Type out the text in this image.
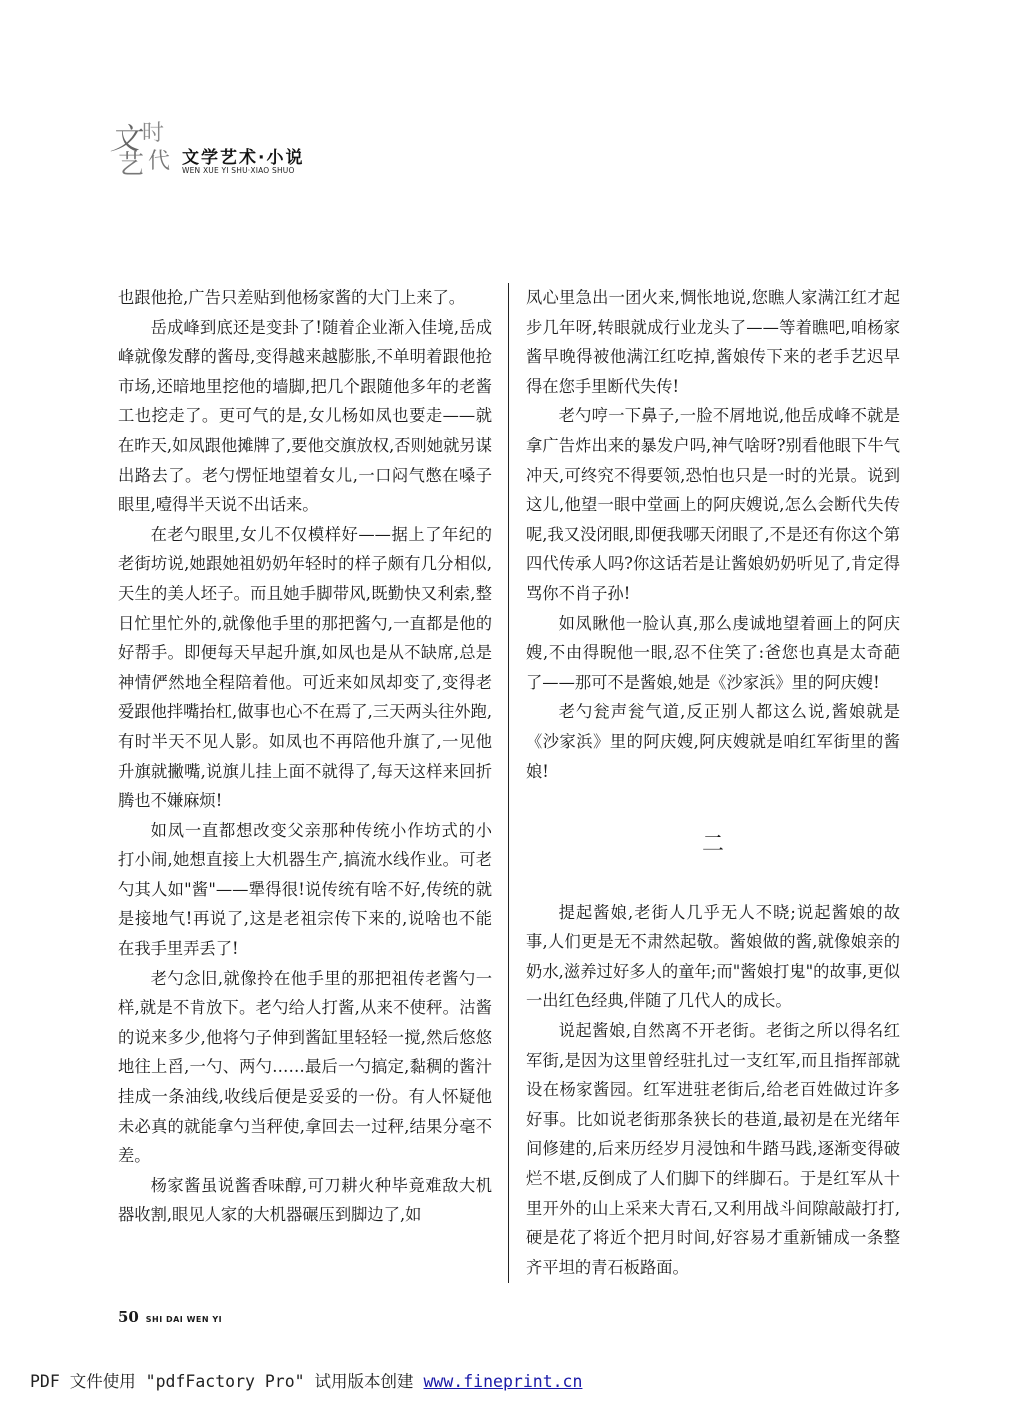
文 时
艺 代 文学艺术·小说
WEN XUE YI SHU·XIAO SHUO

也跟他抢,广告只差贴到他杨家酱的大门上来了。

岳成峰到底还是变卦了!随着企业渐入佳境,岳成峰就像发酵的酱母,变得越来越膨胀,不单明着跟他抢市场,还暗地里挖他的墙脚,把几个跟随他多年的老酱工也挖走了。更可气的是,女儿杨如凤也要走——就在昨天,如凤跟他摊牌了,要他交旗放权,否则她就另谋出路去了。老勺愣怔地望着女儿,一口闷气憋在嗓子眼里,噎得半天说不出话来。

在老勺眼里,女儿不仅模样好——据上了年纪的老街坊说,她跟她祖奶奶年轻时的样子颇有几分相似,天生的美人坯子。而且她手脚带风,既勤快又利索,整日忙里忙外的,就像他手里的那把酱勺,一直都是他的好帮手。即便每天早起升旗,如凤也是从不缺席,总是神情俨然地全程陪着他。可近来如凤却变了,变得老爱跟他拌嘴抬杠,做事也心不在焉了,三天两头往外跑,有时半天不见人影。如凤也不再陪他升旗了,一见他升旗就撇嘴,说旗儿挂上面不就得了,每天这样来回折腾也不嫌麻烦!

如凤一直都想改变父亲那种传统小作坊式的小打小闹,她想直接上大机器生产,搞流水线作业。可老勺其人如"酱"——犟得很!说传统有啥不好,传统的就是接地气!再说了,这是老祖宗传下来的,说啥也不能在我手里弄丢了!

老勺念旧,就像拎在他手里的那把祖传老酱勺一样,就是不肯放下。老勺给人打酱,从来不使秤。沽酱的说来多少,他将勺子伸到酱缸里轻轻一搅,然后悠悠地往上舀,一勺、两勺……最后一勺搞定,黏稠的酱汁挂成一条油线,收线后便是妥妥的一份。有人怀疑他未必真的就能拿勺当秤使,拿回去一过秤,结果分毫不差。

杨家酱虽说酱香味醇,可刀耕火种毕竟难敌大机器收割,眼见人家的大机器碾压到脚边了,如

凤心里急出一团火来,惆怅地说,您瞧人家满江红才起步几年呀,转眼就成行业龙头了——等着瞧吧,咱杨家酱早晚得被他满江红吃掉,酱娘传下来的老手艺迟早得在您手里断代失传!

老勺哼一下鼻子,一脸不屑地说,他岳成峰不就是拿广告炸出来的暴发户吗,神气啥呀?别看他眼下牛气冲天,可终究不得要领,恐怕也只是一时的光景。说到这儿,他望一眼中堂画上的阿庆嫂说,怎么会断代失传呢,我又没闭眼,即便我哪天闭眼了,不是还有你这个第四代传承人吗?你这话若是让酱娘奶奶听见了,肯定得骂你不肖子孙!

如凤瞅他一脸认真,那么虔诚地望着画上的阿庆嫂,不由得睨他一眼,忍不住笑了:爸您也真是太奇葩了——那可不是酱娘,她是《沙家浜》里的阿庆嫂!

老勺瓮声瓮气道,反正别人都这么说,酱娘就是《沙家浜》里的阿庆嫂,阿庆嫂就是咱红军街里的酱娘!

二

提起酱娘,老街人几乎无人不晓;说起酱娘的故事,人们更是无不肃然起敬。酱娘做的酱,就像娘亲的奶水,滋养过好多人的童年;而"酱娘打鬼"的故事,更似一出红色经典,伴随了几代人的成长。

说起酱娘,自然离不开老街。老街之所以得名红军街,是因为这里曾经驻扎过一支红军,而且指挥部就设在杨家酱园。红军进驻老街后,给老百姓做过许多好事。比如说老街那条狭长的巷道,最初是在光绪年间修建的,后来历经岁月浸蚀和牛踏马践,逐渐变得破烂不堪,反倒成了人们脚下的绊脚石。于是红军从十里开外的山上采来大青石,又利用战斗间隙敲敲打打,硬是花了将近个把月时间,好容易才重新铺成一条整齐平坦的青石板路面。

50 SHI DAI WEN YI
PDF 文件使用 "pdfFactory Pro" 试用版本创建 www.fineprint.cn
